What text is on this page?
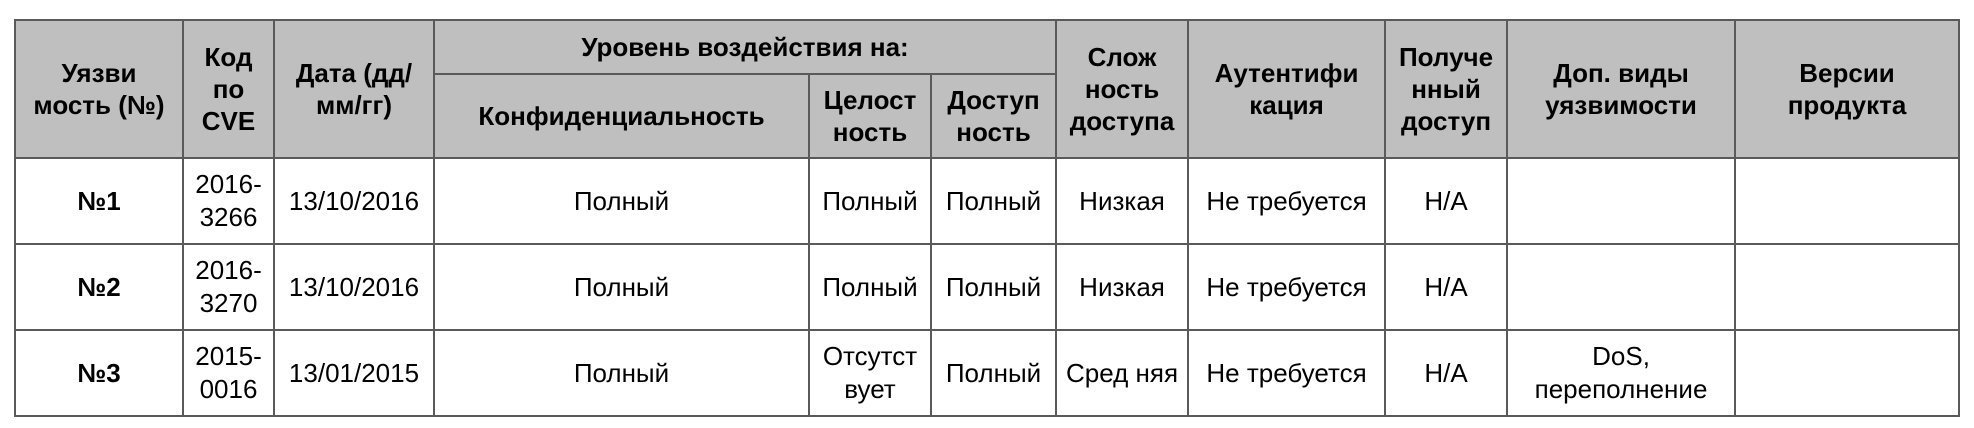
Уязви мость (№)	Код по CVE	Дата (дд/ мм/гг)	Уровень воздействия на:			Слож ность доступа	Аутентифи кация	Получе нный доступ	Доп. виды уязвимости	Версии продукта
			Конфиденциальность	Целост ность	Доступ ность					
№1	2016- 3266	13/10/2016	Полный	Полный	Полный	Низкая	Не требуется	Н/А		
№2	2016- 3270	13/10/2016	Полный	Полный	Полный	Низкая	Не требуется	Н/А		
№3	2015- 0016	13/01/2015	Полный	Отсутст вует	Полный	Сред няя	Не требуется	Н/А	DoS, переполнение	
